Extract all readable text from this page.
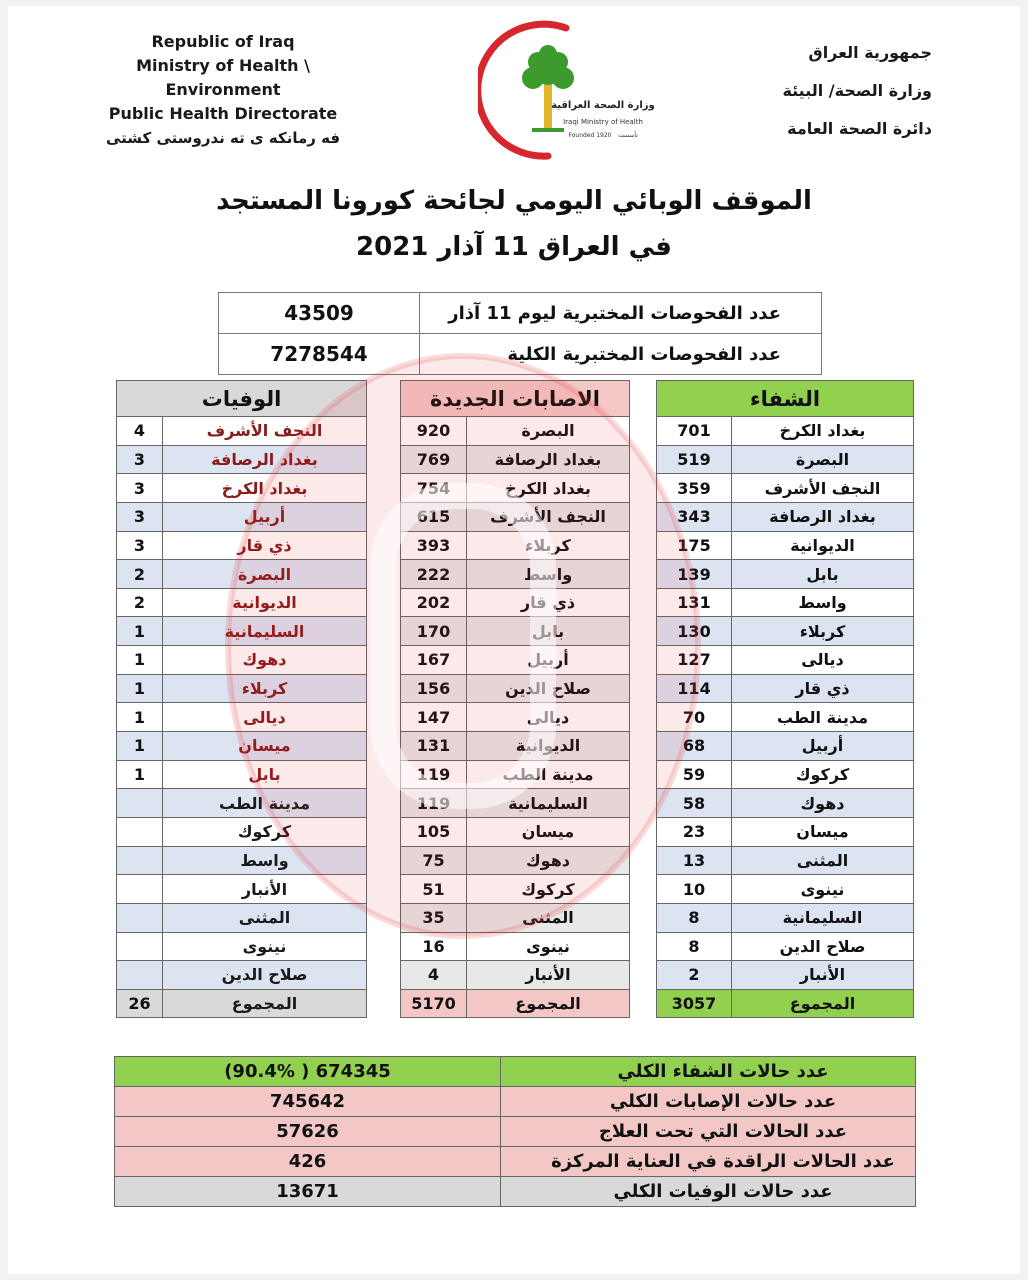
Republic of Iraq
Ministry of Health \ Environment
Public Health Directorate
فه رمانكه ى ته ندروستى كشتى
جمهورية العراق
وزارة الصحة/ البيئة
دائرة الصحة العامة
وزارة الصحة العراقية
Iraqi Ministry of Health
Founded 1920 تأسست
الموقف الوبائي اليومي لجائحة كورونا المستجد
في العراق 11 آذار 2021
43509	عدد الفحوصات المختبرية ليوم 11 آذار
7278544	عدد الفحوصات المختبرية الكلية
الوفيات	
4	النجف الأشرف
3	بغداد الرصافة
3	بغداد الكرخ
3	أربيل
3	ذي قار
2	البصرة
2	الديوانية
1	السليمانية
1	دهوك
1	كربلاء
1	ديالى
1	ميسان
1	بابل
	مدينة الطب
	كركوك
	واسط
	الأنبار
	المثنى
	نينوى
	صلاح الدين
26	المجموع
الاصابات الجديدة	
920	البصرة
769	بغداد الرصافة
754	بغداد الكرخ
615	النجف الأشرف
393	كربلاء
222	واسط
202	ذي قار
170	بابل
167	أربيل
156	صلاح الدين
147	ديالى
131	الديوانية
119	مدينة الطب
119	السليمانية
105	ميسان
75	دهوك
51	كركوك
35	المثنى
16	نينوى
4	الأنبار
5170	المجموع
الشفاء	
701	بغداد الكرخ
519	البصرة
359	النجف الأشرف
343	بغداد الرصافة
175	الديوانية
139	بابل
131	واسط
130	كربلاء
127	ديالى
114	ذي قار
70	مدينة الطب
68	أربيل
59	كركوك
58	دهوك
23	ميسان
13	المثنى
10	نينوى
8	السليمانية
8	صلاح الدين
2	الأنبار
3057	المجموع
(90.4% ) 674345	عدد حالات الشفاء الكلي
745642	عدد حالات الإصابات الكلي
57626	عدد الحالات التي تحت العلاج
426	عدد الحالات الراقدة في العناية المركزة
13671	عدد حالات الوفيات الكلي
